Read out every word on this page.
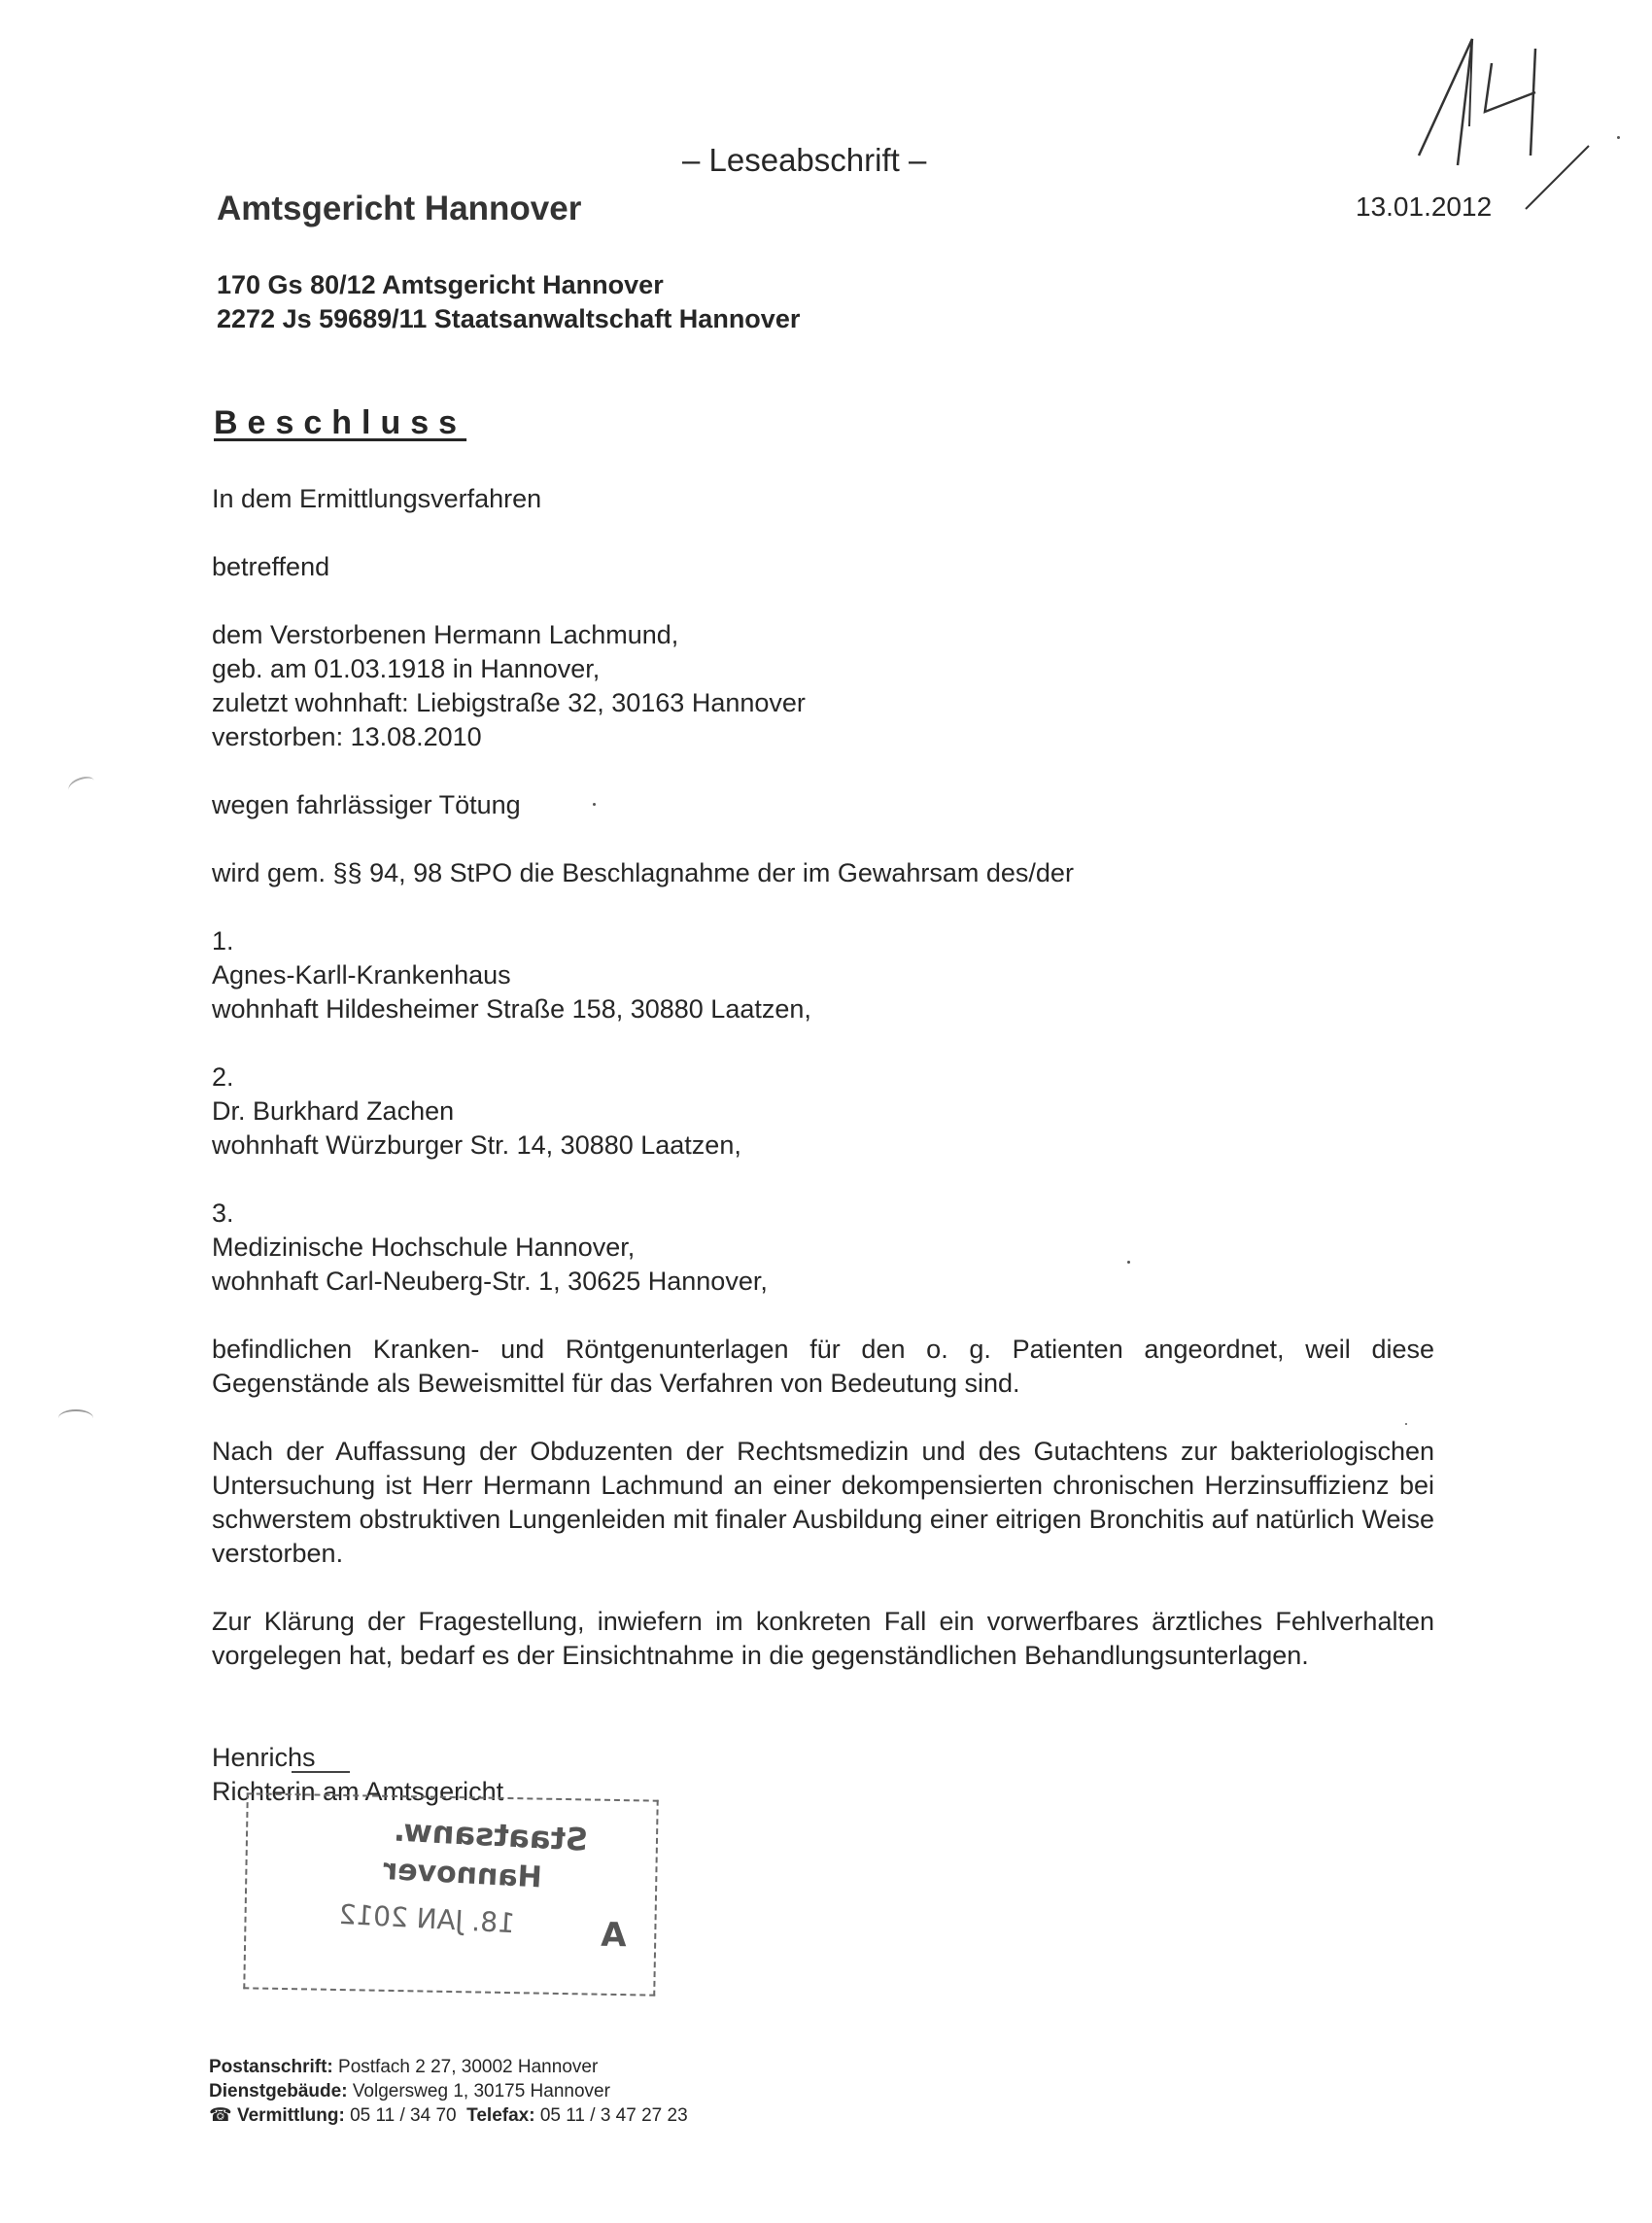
– Leseabschrift –
Amtsgericht Hannover	13.01.2012
170 Gs 80/12 Amtsgericht Hannover
2272 Js 59689/11 Staatsanwaltschaft Hannover
Beschluss
In dem Ermittlungsverfahren
betreffend
dem Verstorbenen Hermann Lachmund,
geb. am 01.03.1918 in Hannover,
zuletzt wohnhaft: Liebigstraße 32, 30163 Hannover
verstorben: 13.08.2010
wegen fahrlässiger Tötung
wird gem. §§ 94, 98 StPO die Beschlagnahme der im Gewahrsam des/der
1.
Agnes-Karll-Krankenhaus
wohnhaft Hildesheimer Straße 158, 30880 Laatzen,
2.
Dr. Burkhard Zachen
wohnhaft Würzburger Str. 14, 30880 Laatzen,
3.
Medizinische Hochschule Hannover,
wohnhaft Carl-Neuberg-Str. 1, 30625 Hannover,
befindlichen Kranken- und Röntgenunterlagen für den o. g. Patienten angeordnet, weil diese Gegenstände als Beweismittel für das Verfahren von Bedeutung sind.
Nach der Auffassung der Obduzenten der Rechtsmedizin und des Gutachtens zur bakteriologischen Untersuchung ist Herr Hermann Lachmund an einer dekompensierten chronischen Herzinsuffizienz bei schwerstem obstruktiven Lungenleiden mit finaler Ausbildung einer eitrigen Bronchitis auf natürlich Weise verstorben.
Zur Klärung der Fragestellung, inwiefern im konkreten Fall ein vorwerfbares ärztliches Fehlverhalten vorgelegen hat, bedarf es der Einsichtnahme in die gegenständlichen Behandlungsunterlagen.
Henrichs
Richterin am Amtsgericht
Staatsanw.
Hannover
18. JAN 2012	A
Postanschrift: Postfach 2 27, 30002 Hannover
Dienstgebäude: Volgersweg 1, 30175 Hannover
☎ Vermittlung: 05 11 / 34 70 Telefax: 05 11 / 3 47 27 23
